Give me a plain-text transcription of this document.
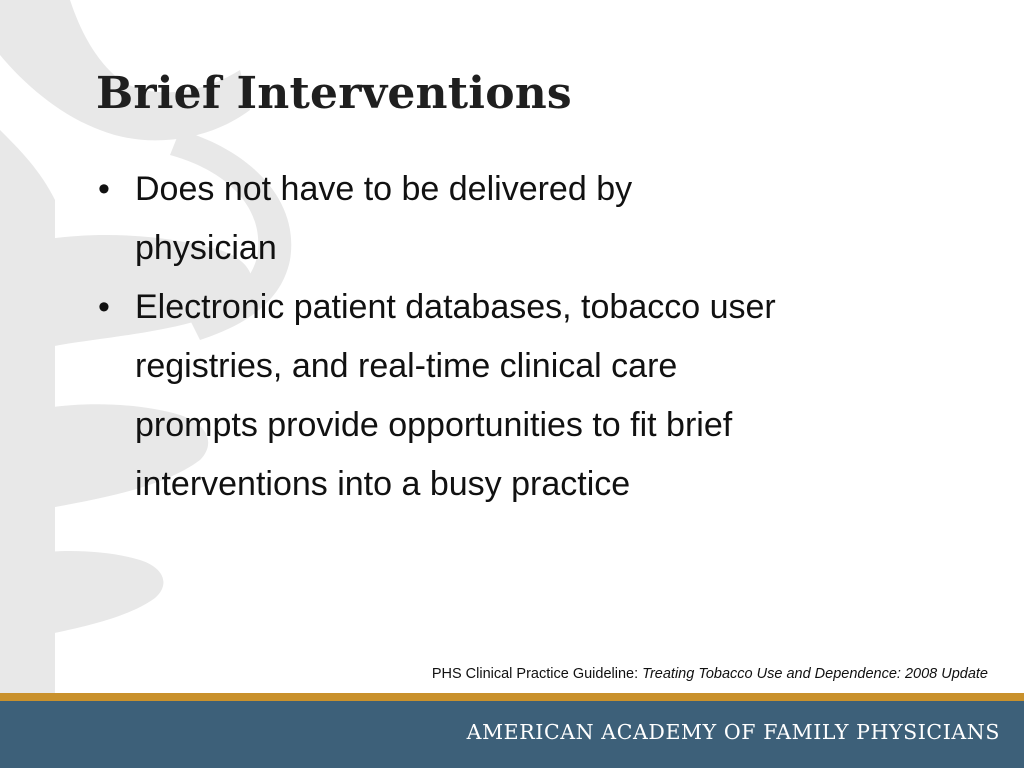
Brief Interventions
• Does not have to be delivered by
physician
• Electronic patient databases, tobacco user
registries, and real-time clinical care
prompts provide opportunities to fit brief
interventions into a busy practice
PHS Clinical Practice Guideline: Treating Tobacco Use and Dependence: 2008 Update
AMERICAN ACADEMY OF FAMILY PHYSICIANS
